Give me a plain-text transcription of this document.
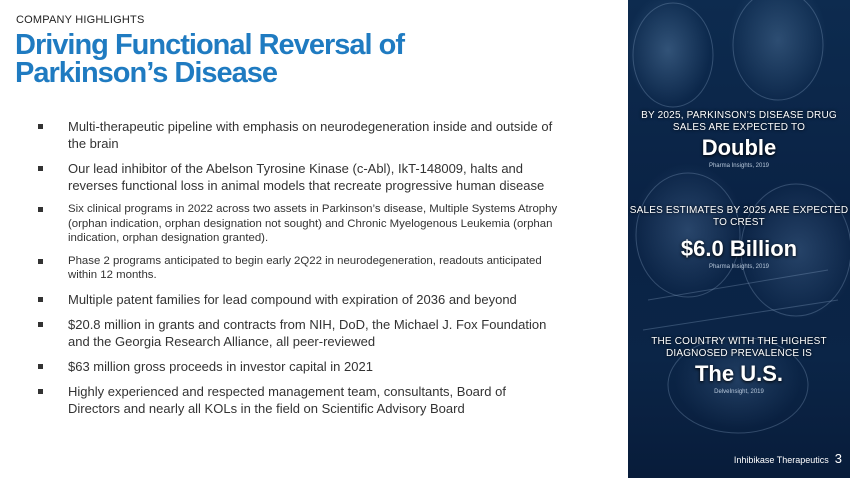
COMPANY HIGHLIGHTS
Driving Functional Reversal of Parkinson’s Disease
Multi-therapeutic pipeline with emphasis on neurodegeneration inside and outside of the brain
Our lead inhibitor of the Abelson Tyrosine Kinase (c-Abl), IkT-148009, halts and reverses functional loss in animal models that recreate progressive human disease
Six clinical programs in 2022 across two assets in Parkinson’s disease, Multiple Systems Atrophy (orphan indication, orphan designation not sought) and Chronic Myelogenous Leukemia (orphan indication, orphan designation granted).
Phase 2 programs anticipated to begin early 2Q22 in neurodegeneration, readouts anticipated within 12 months.
Multiple patent families for lead compound with expiration of 2036 and beyond
$20.8 million in grants and contracts from NIH, DoD, the Michael J. Fox Foundation and the Georgia Research Alliance, all peer-reviewed
$63 million gross proceeds in investor capital in 2021
Highly experienced and respected management team, consultants, Board of Directors and nearly all KOLs in the field on Scientific Advisory Board
BY 2025, PARKINSON’S DISEASE DRUG SALES ARE EXPECTED TO
Double
Pharma Insights, 2019
SALES ESTIMATES BY 2025 ARE EXPECTED TO CREST
$6.0 Billion
Pharma Insights, 2019
THE COUNTRY WITH THE HIGHEST DIAGNOSED PREVALENCE IS
The U.S.
DelveInsight, 2019
Inhibikase Therapeutics 3
